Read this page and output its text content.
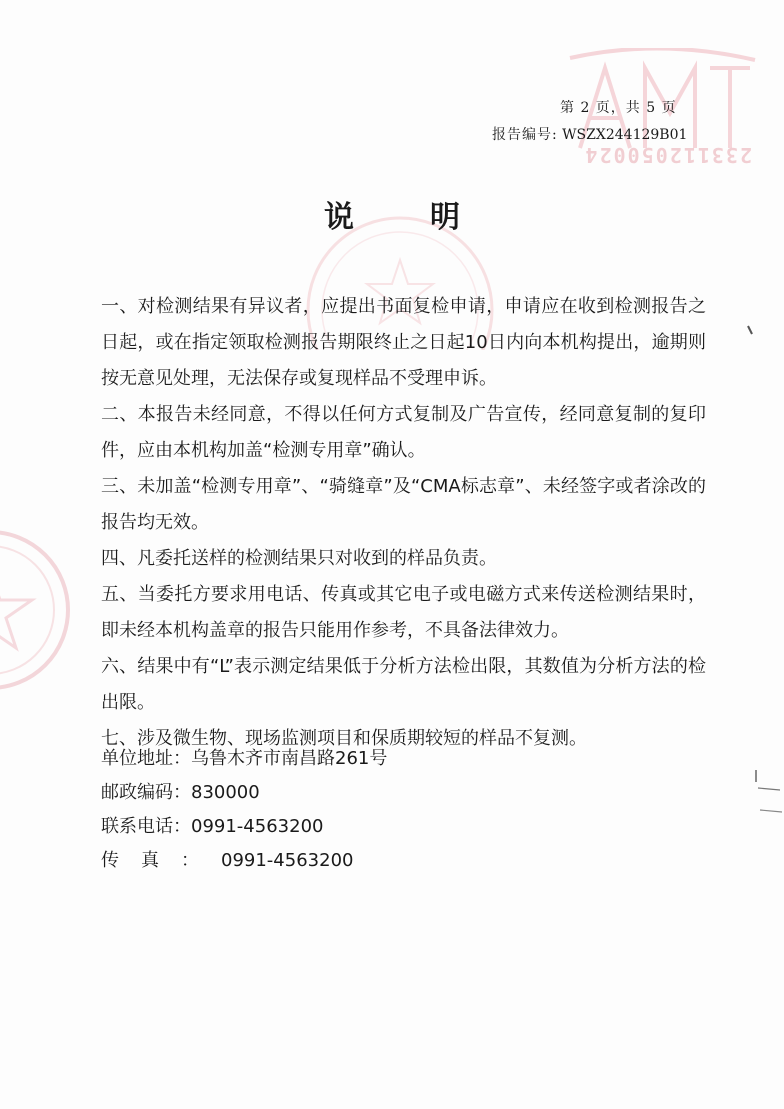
233112050024
第 2 页，共 5 页
报告编号: WSZX244129B01
说	明

一、对检测结果有异议者，应提出书面复检申请，申请应在收到检测报告之日起，或在指定领取检测报告期限终止之日起10日内向本机构提出，逾期则按无意见处理，无法保存或复现样品不受理申诉。

二、本报告未经同意，不得以任何方式复制及广告宣传，经同意复制的复印件，应由本机构加盖“检测专用章”确认。

三、未加盖“检测专用章”、“骑缝章”及“CMA标志章”、未经签字或者涂改的报告均无效。

四、凡委托送样的检测结果只对收到的样品负责。

五、当委托方要求用电话、传真或其它电子或电磁方式来传送检测结果时，即未经本机构盖章的报告只能用作参考，不具备法律效力。

六、结果中有“L”表示测定结果低于分析方法检出限，其数值为分析方法的检出限。

七、涉及微生物、现场监测项目和保质期较短的样品不复测。

单位地址：乌鲁木齐市南昌路261号
邮政编码：830000
联系电话：0991-4563200
传真：0991-4563200
